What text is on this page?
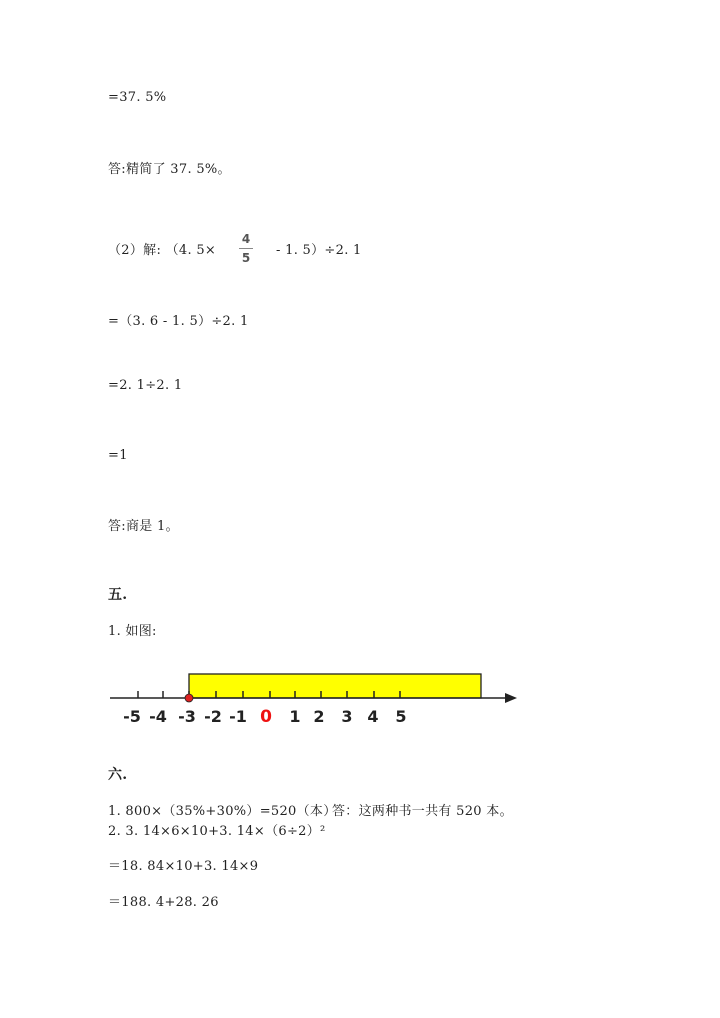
=37. 5%
答:精简了 37. 5%。
（2）解: （4. 5×
4
5	- 1. 5）÷2. 1
=（3. 6 - 1. 5）÷2. 1
=2. 1÷2. 1
=1
答:商是 1。
五.
1. 如图:
-5 -4 -3 -2 -1 0 1 2 3 4 5
六.
1. 800×（35%+30%）=520（本）
答：这两种书一共有 520 本。
2. 3. 14×6×10+3. 14×（6÷2）²
＝18. 84×10+3. 14×9
＝188. 4+28. 26
